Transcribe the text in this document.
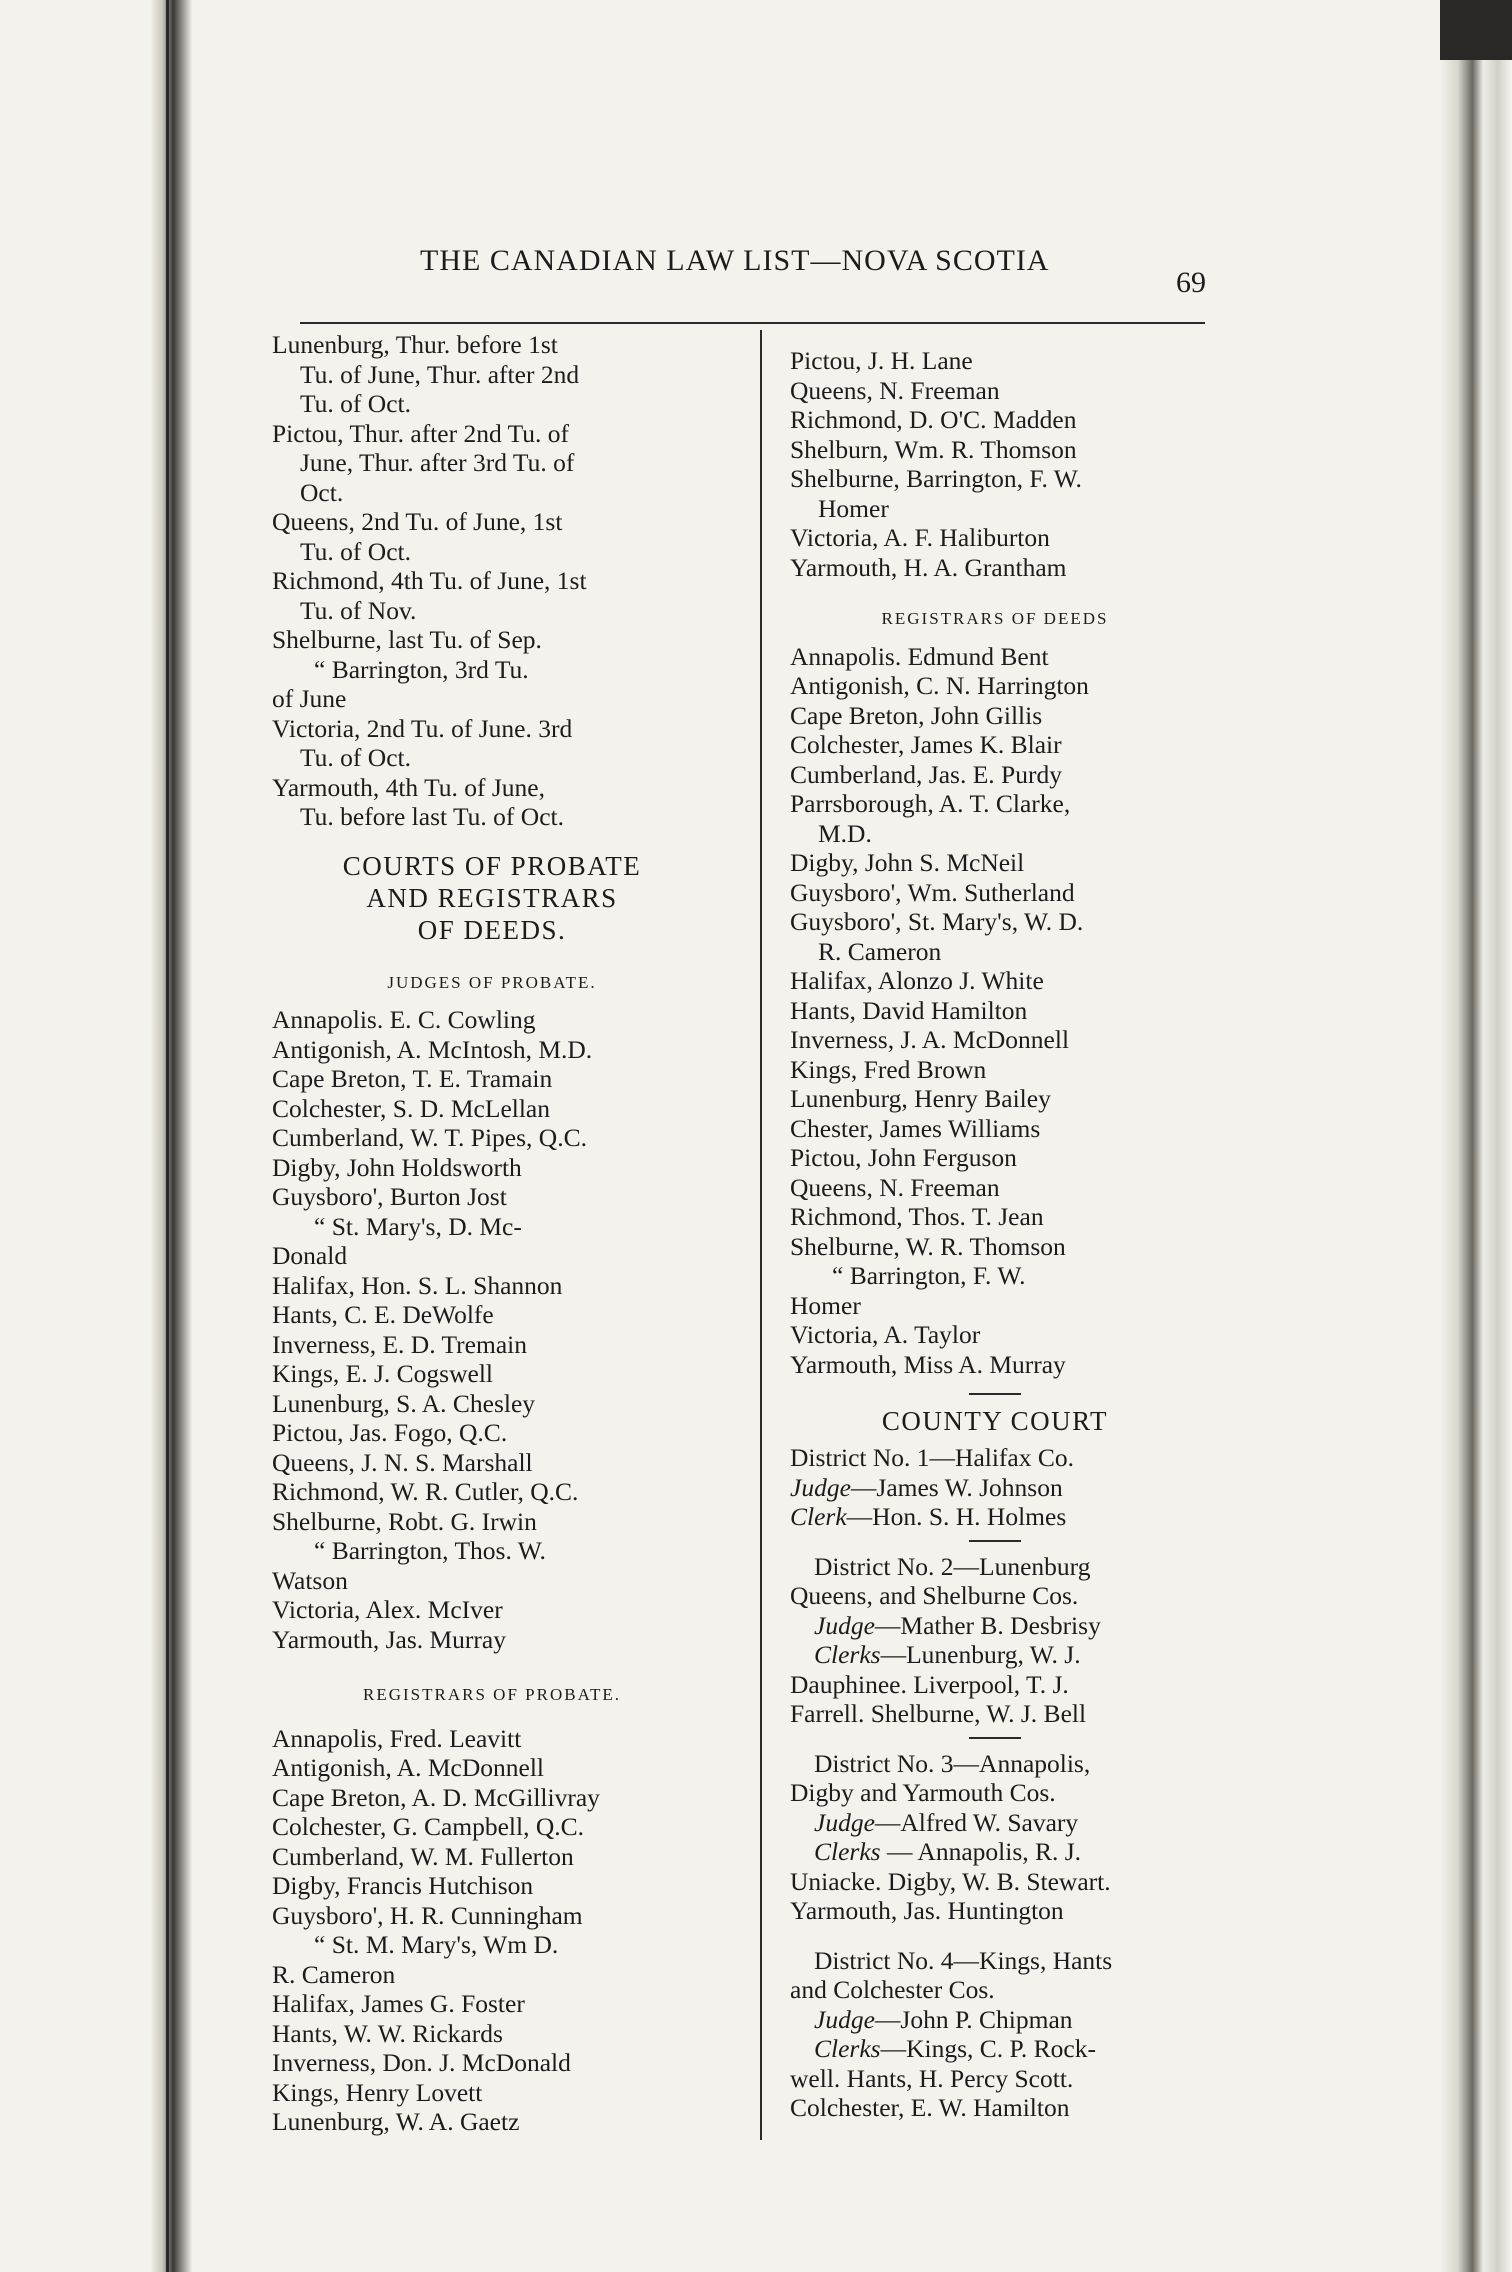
THE CANADIAN LAW LIST—NOVA SCOTIA
69
Lunenburg, Thur. before 1st
Tu. of June, Thur. after 2nd
Tu. of Oct.
Pictou, Thur. after 2nd Tu. of
June, Thur. after 3rd Tu. of
Oct.
Queens, 2nd Tu. of June, 1st
Tu. of Oct.
Richmond, 4th Tu. of June, 1st
Tu. of Nov.
Shelburne, last Tu. of Sep.
“ Barrington, 3rd Tu.
of June
Victoria, 2nd Tu. of June. 3rd
Tu. of Oct.
Yarmouth, 4th Tu. of June,
Tu. before last Tu. of Oct.
COURTS OF PROBATE
AND REGISTRARS
OF DEEDS.
JUDGES OF PROBATE.
Annapolis. E. C. Cowling
Antigonish, A. McIntosh, M.D.
Cape Breton, T. E. Tramain
Colchester, S. D. McLellan
Cumberland, W. T. Pipes, Q.C.
Digby, John Holdsworth
Guysboro', Burton Jost
“ St. Mary's, D. Mc-
Donald
Halifax, Hon. S. L. Shannon
Hants, C. E. DeWolfe
Inverness, E. D. Tremain
Kings, E. J. Cogswell
Lunenburg, S. A. Chesley
Pictou, Jas. Fogo, Q.C.
Queens, J. N. S. Marshall
Richmond, W. R. Cutler, Q.C.
Shelburne, Robt. G. Irwin
“ Barrington, Thos. W.
Watson
Victoria, Alex. McIver
Yarmouth, Jas. Murray
REGISTRARS OF PROBATE.
Annapolis, Fred. Leavitt
Antigonish, A. McDonnell
Cape Breton, A. D. McGillivray
Colchester, G. Campbell, Q.C.
Cumberland, W. M. Fullerton
Digby, Francis Hutchison
Guysboro', H. R. Cunningham
“ St. M. Mary's, Wm D.
R. Cameron
Halifax, James G. Foster
Hants, W. W. Rickards
Inverness, Don. J. McDonald
Kings, Henry Lovett
Lunenburg, W. A. Gaetz
Pictou, J. H. Lane
Queens, N. Freeman
Richmond, D. O'C. Madden
Shelburn, Wm. R. Thomson
Shelburne, Barrington, F. W.
Homer
Victoria, A. F. Haliburton
Yarmouth, H. A. Grantham
REGISTRARS OF DEEDS
Annapolis. Edmund Bent
Antigonish, C. N. Harrington
Cape Breton, John Gillis
Colchester, James K. Blair
Cumberland, Jas. E. Purdy
Parrsborough, A. T. Clarke,
M.D.
Digby, John S. McNeil
Guysboro', Wm. Sutherland
Guysboro', St. Mary's, W. D.
R. Cameron
Halifax, Alonzo J. White
Hants, David Hamilton
Inverness, J. A. McDonnell
Kings, Fred Brown
Lunenburg, Henry Bailey
Chester, James Williams
Pictou, John Ferguson
Queens, N. Freeman
Richmond, Thos. T. Jean
Shelburne, W. R. Thomson
“ Barrington, F. W.
Homer
Victoria, A. Taylor
Yarmouth, Miss A. Murray
COUNTY COURT
District No. 1—Halifax Co.
Judge—James W. Johnson
Clerk—Hon. S. H. Holmes
District No. 2—Lunenburg
Queens, and Shelburne Cos.
Judge—Mather B. Desbrisy
Clerks—Lunenburg, W. J.
Dauphinee. Liverpool, T. J.
Farrell. Shelburne, W. J. Bell
District No. 3—Annapolis,
Digby and Yarmouth Cos.
Judge—Alfred W. Savary
Clerks — Annapolis, R. J.
Uniacke. Digby, W. B. Stewart.
Yarmouth, Jas. Huntington
District No. 4—Kings, Hants
and Colchester Cos.
Judge—John P. Chipman
Clerks—Kings, C. P. Rock-
well. Hants, H. Percy Scott.
Colchester, E. W. Hamilton
